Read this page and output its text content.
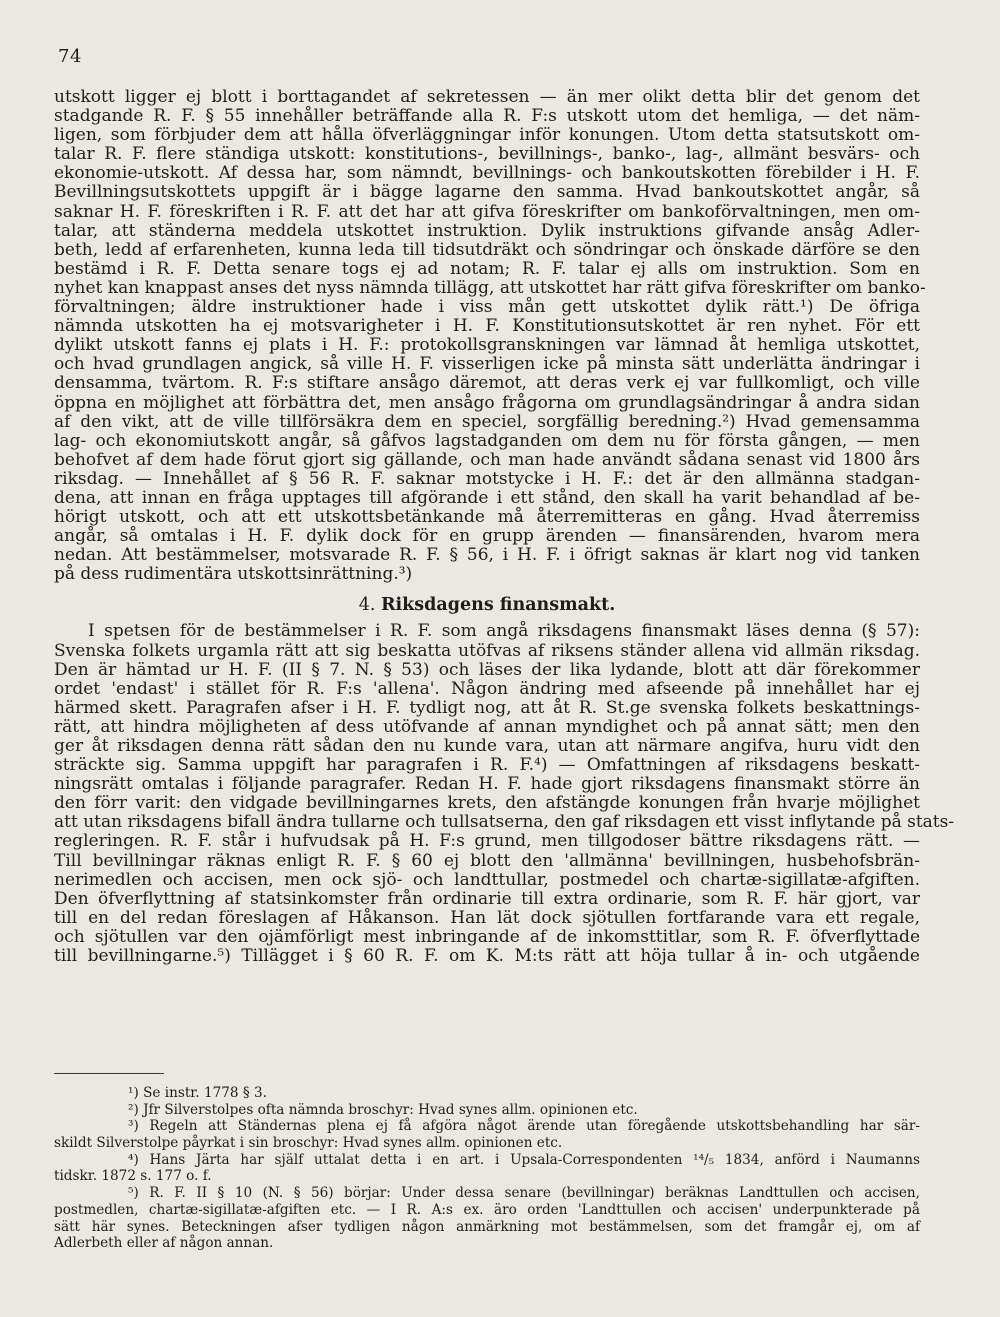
74
utskott ligger ej blott i borttagandet af sekretessen — än mer olikt detta blir det genom det
stadgande R. F. § 55 innehåller beträffande alla R. F:s utskott utom det hemliga, — det näm-
ligen, som förbjuder dem att hålla öfverläggningar inför konungen. Utom detta statsutskott om-
talar R. F. flere ständiga utskott: konstitutions-, bevillnings-, banko-, lag-, allmänt besvärs- och
ekonomie-utskott. Af dessa har, som nämndt, bevillnings- och bankoutskotten förebilder i H. F.
Bevillningsutskottets uppgift är i bägge lagarne den samma. Hvad bankoutskottet angår, så
saknar H. F. föreskriften i R. F. att det har att gifva föreskrifter om bankoförvaltningen, men om-
talar, att ständerna meddela utskottet instruktion. Dylik instruktions gifvande ansåg Adler-
beth, ledd af erfarenheten, kunna leda till tidsutdräkt och söndringar och önskade därföre se den
bestämd i R. F. Detta senare togs ej ad notam; R. F. talar ej alls om instruktion. Som en
nyhet kan knappast anses det nyss nämnda tillägg, att utskottet har rätt gifva föreskrifter om banko-
förvaltningen; äldre instruktioner hade i viss mån gett utskottet dylik rätt.¹) De öfriga
nämnda utskotten ha ej motsvarigheter i H. F. Konstitutionsutskottet är ren nyhet. För ett
dylikt utskott fanns ej plats i H. F.: protokollsgranskningen var lämnad åt hemliga utskottet,
och hvad grundlagen angick, så ville H. F. visserligen icke på minsta sätt underlätta ändringar i
densamma, tvärtom. R. F:s stiftare ansågo däremot, att deras verk ej var fullkomligt, och ville
öppna en möjlighet att förbättra det, men ansågo frågorna om grundlagsändringar å andra sidan
af den vikt, att de ville tillförsäkra dem en speciel, sorgfällig beredning.²) Hvad gemensamma
lag- och ekonomiutskott angår, så gåfvos lagstadganden om dem nu för första gången, — men
behofvet af dem hade förut gjort sig gällande, och man hade användt sådana senast vid 1800 års
riksdag. — Innehållet af § 56 R. F. saknar motstycke i H. F.: det är den allmänna stadgan-
dena, att innan en fråga upptages till afgörande i ett stånd, den skall ha varit behandlad af be-
hörigt utskott, och att ett utskottsbetänkande må återremitteras en gång. Hvad återremiss
angår, så omtalas i H. F. dylik dock för en grupp ärenden — finansärenden, hvarom mera
nedan. Att bestämmelser, motsvarade R. F. § 56, i H. F. i öfrigt saknas är klart nog vid tanken
på dess rudimentära utskottsinrättning.³)
4. Riksdagens finansmakt.
I spetsen för de bestämmelser i R. F. som angå riksdagens finansmakt läses denna (§ 57):
Svenska folkets urgamla rätt att sig beskatta utöfvas af riksens ständer allena vid allmän riksdag.
Den är hämtad ur H. F. (II § 7. N. § 53) och läses der lika lydande, blott att där förekommer
ordet 'endast' i stället för R. F:s 'allena'. Någon ändring med afseende på innehållet har ej
härmed skett. Paragrafen afser i H. F. tydligt nog, att åt R. St.ge svenska folkets beskattnings-
rätt, att hindra möjligheten af dess utöfvande af annan myndighet och på annat sätt; men den
ger åt riksdagen denna rätt sådan den nu kunde vara, utan att närmare angifva, huru vidt den
sträckte sig. Samma uppgift har paragrafen i R. F.⁴) — Omfattningen af riksdagens beskatt-
ningsrätt omtalas i följande paragrafer. Redan H. F. hade gjort riksdagens finansmakt större än
den förr varit: den vidgade bevillningarnes krets, den afstängde konungen från hvarje möjlighet
att utan riksdagens bifall ändra tullarne och tullsatserna, den gaf riksdagen ett visst inflytande på stats-
regleringen. R. F. står i hufvudsak på H. F:s grund, men tillgodoser bättre riksdagens rätt. —
Till bevillningar räknas enligt R. F. § 60 ej blott den 'allmänna' bevillningen, husbehofsbrän-
nerimedlen och accisen, men ock sjö- och landttullar, postmedel och chartæ-sigillatæ-afgiften.
Den öfverflyttning af statsinkomster från ordinarie till extra ordinarie, som R. F. här gjort, var
till en del redan föreslagen af Håkanson. Han lät dock sjötullen fortfarande vara ett regale,
och sjötullen var den ojämförligt mest inbringande af de inkomsttitlar, som R. F. öfverflyttade
till bevillningarne.⁵) Tillägget i § 60 R. F. om K. M:ts rätt att höja tullar å in- och utgående
¹) Se instr. 1778 § 3.
²) Jfr Silverstolpes ofta nämnda broschyr: Hvad synes allm. opinionen etc.
³) Regeln att Ständernas plena ej få afgöra något ärende utan föregående utskottsbehandling har sär-
skildt Silverstolpe påyrkat i sin broschyr: Hvad synes allm. opinionen etc.
⁴) Hans Järta har själf uttalat detta i en art. i Upsala-Correspondenten ¹⁴/₅ 1834, anförd i Naumanns
tidskr. 1872 s. 177 o. f.
⁵) R. F. II § 10 (N. § 56) börjar: Under dessa senare (bevillningar) beräknas Landttullen och accisen,
postmedlen, chartæ-sigillatæ-afgiften etc. — I R. A:s ex. äro orden 'Landttullen och accisen' underpunkterade på
sätt här synes. Beteckningen afser tydligen någon anmärkning mot bestämmelsen, som det framgår ej, om af
Adlerbeth eller af någon annan.
